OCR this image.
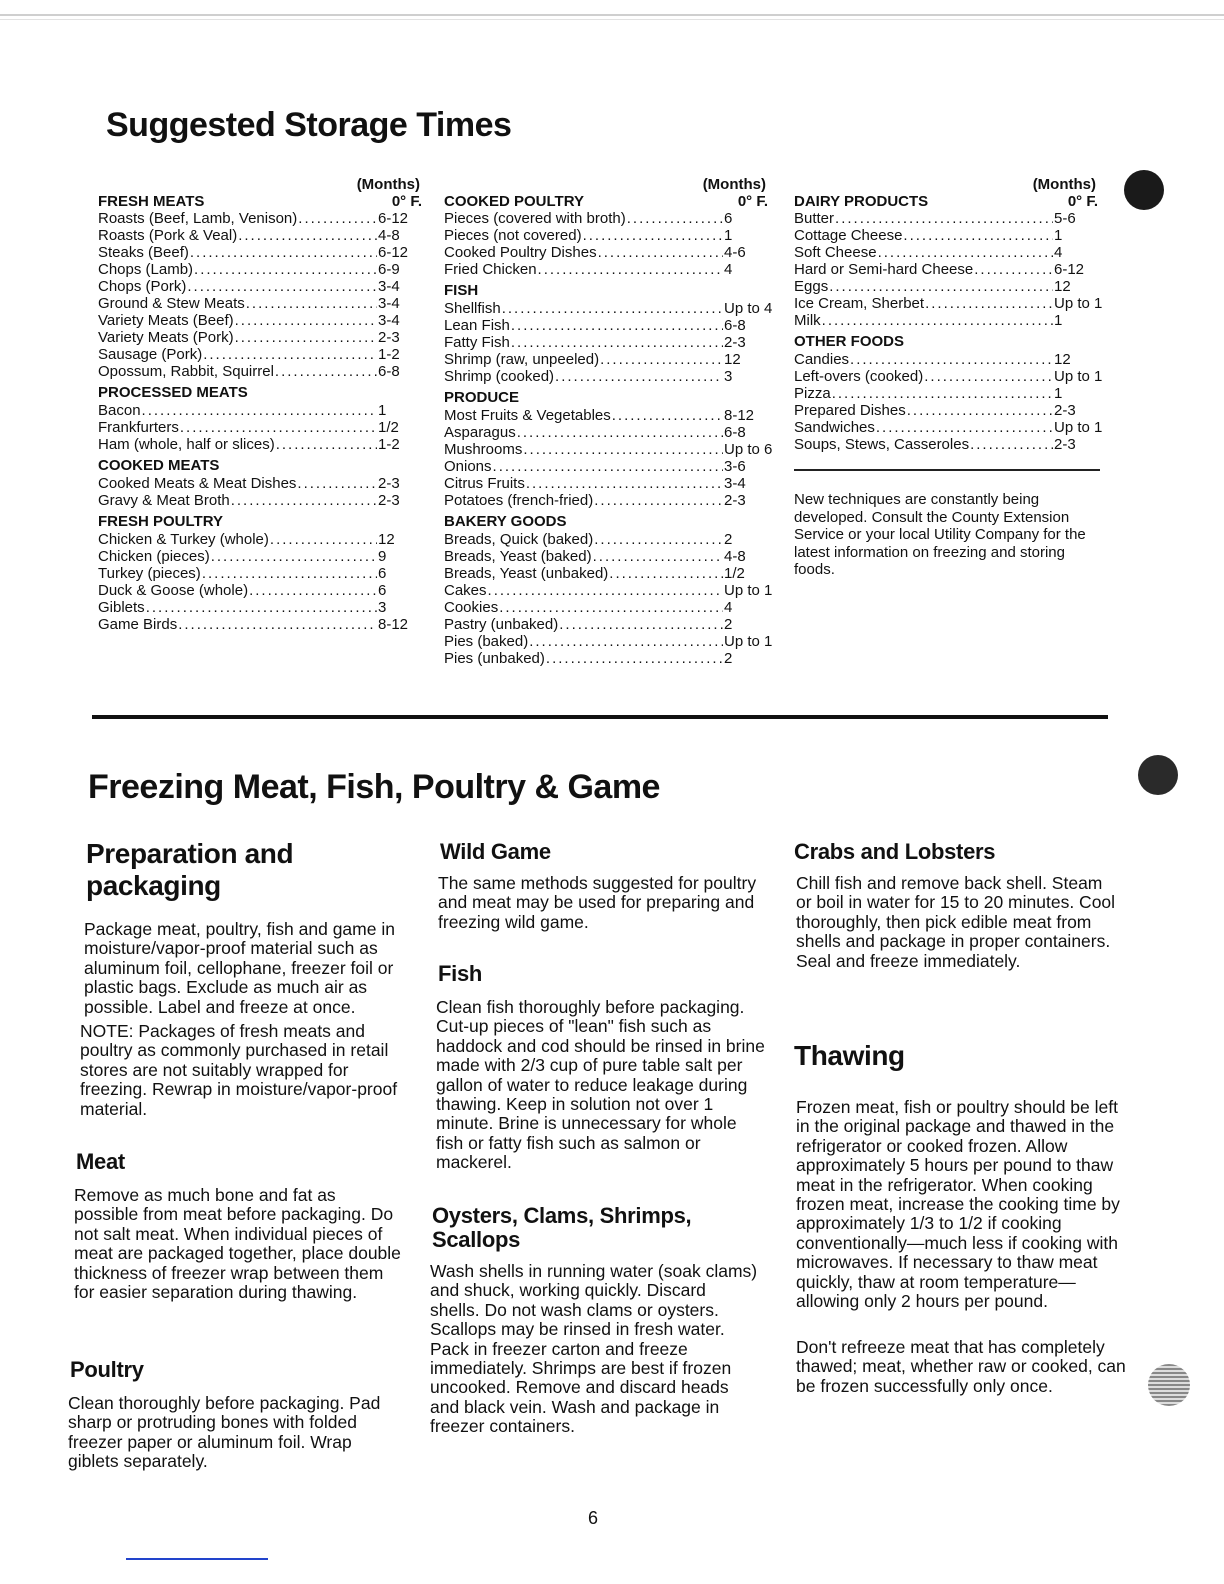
Suggested Storage Times
(Months)
FRESH MEATS	0° F.
Roasts (Beef, Lamb, Venison) .....	6-12
Roasts (Pork & Veal) .....	4-8
Steaks (Beef) .....	6-12
Chops (Lamb) .....	6-9
Chops (Pork) .....	3-4
Ground & Stew Meats .....	3-4
Variety Meats (Beef) .....	3-4
Variety Meats (Pork) .....	2-3
Sausage (Pork) .....	1-2
Opossum, Rabbit, Squirrel .....	6-8
PROCESSED MEATS
Bacon .....	1
Frankfurters .....	1/2
Ham (whole, half or slices) .....	1-2
COOKED MEATS
Cooked Meats & Meat Dishes .....	2-3
Gravy & Meat Broth .....	2-3
FRESH POULTRY
Chicken & Turkey (whole) .....	12
Chicken (pieces) .....	9
Turkey (pieces) .....	6
Duck & Goose (whole) .....	6
Giblets .....	3
Game Birds .....	8-12
(Months)
COOKED POULTRY	0° F.
Pieces (covered with broth) .....	6
Pieces (not covered) .....	1
Cooked Poultry Dishes .....	4-6
Fried Chicken .....	4
FISH
Shellfish .....	Up to 4
Lean Fish .....	6-8
Fatty Fish .....	2-3
Shrimp (raw, unpeeled) .....	12
Shrimp (cooked) .....	3
PRODUCE
Most Fruits & Vegetables .....	8-12
Asparagus .....	6-8
Mushrooms .....	Up to 6
Onions .....	3-6
Citrus Fruits .....	3-4
Potatoes (french-fried) .....	2-3
BAKERY GOODS
Breads, Quick (baked) .....	2
Breads, Yeast (baked) .....	4-8
Breads, Yeast (unbaked) .....	1/2
Cakes .....	Up to 1
Cookies .....	4
Pastry (unbaked) .....	2
Pies (baked) .....	Up to 1
Pies (unbaked) .....	2
(Months)
DAIRY PRODUCTS	0° F.
Butter .....	5-6
Cottage Cheese .....	1
Soft Cheese .....	4
Hard or Semi-hard Cheese .....	6-12
Eggs .....	12
Ice Cream, Sherbet .....	Up to 1
Milk .....	1
OTHER FOODS
Candies .....	12
Left-overs (cooked) .....	Up to 1
Pizza .....	1
Prepared Dishes .....	2-3
Sandwiches .....	Up to 1
Soups, Stews, Casseroles .....	2-3
New techniques are constantly being developed. Consult the County Extension Service or your local Utility Company for the latest information on freezing and storing foods.
Freezing Meat, Fish, Poultry & Game
Preparation and packaging

Package meat, poultry, fish and game in moisture/vapor-proof material such as aluminum foil, cellophane, freezer foil or plastic bags. Exclude as much air as possible. Label and freeze at once.

NOTE: Packages of fresh meats and poultry as commonly purchased in retail stores are not suitably wrapped for freezing. Rewrap in moisture/vapor-proof material.

Meat

Remove as much bone and fat as possible from meat before packaging. Do not salt meat. When individual pieces of meat are packaged together, place double thickness of freezer wrap between them for easier separation during thawing.

Poultry

Clean thoroughly before packaging. Pad sharp or protruding bones with folded freezer paper or aluminum foil. Wrap giblets separately.

Wild Game

The same methods suggested for poultry and meat may be used for preparing and freezing wild game.

Fish

Clean fish thoroughly before packaging. Cut-up pieces of "lean" fish such as haddock and cod should be rinsed in brine made with 2/3 cup of pure table salt per gallon of water to reduce leakage during thawing. Keep in solution not over 1 minute. Brine is unnecessary for whole fish or fatty fish such as salmon or mackerel.

Oysters, Clams, Shrimps, Scallops

Wash shells in running water (soak clams) and shuck, working quickly. Discard shells. Do not wash clams or oysters. Scallops may be rinsed in fresh water. Pack in freezer carton and freeze immediately. Shrimps are best if frozen uncooked. Remove and discard heads and black vein. Wash and package in freezer containers.

Crabs and Lobsters

Chill fish and remove back shell. Steam or boil in water for 15 to 20 minutes. Cool thoroughly, then pick edible meat from shells and package in proper containers. Seal and freeze immediately.

Thawing

Frozen meat, fish or poultry should be left in the original package and thawed in the refrigerator or cooked frozen. Allow approximately 5 hours per pound to thaw meat in the refrigerator. When cooking frozen meat, increase the cooking time by approximately 1/3 to 1/2 if cooking conventionally—much less if cooking with microwaves. If necessary to thaw meat quickly, thaw at room temperature—allowing only 2 hours per pound.

Don't refreeze meat that has completely thawed; meat, whether raw or cooked, can be frozen successfully only once.

6
